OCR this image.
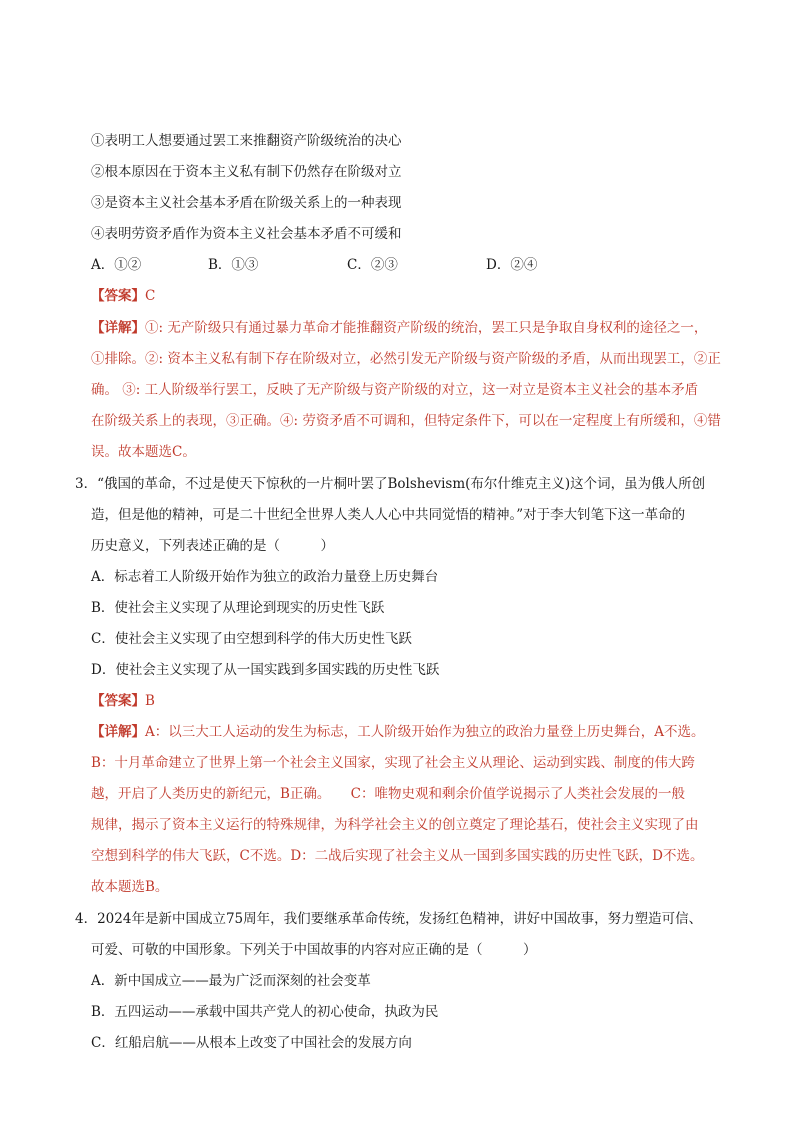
①表明工人想要通过罢工来推翻资产阶级统治的决心
②根本原因在于资本主义私有制下仍然存在阶级对立
③是资本主义社会基本矛盾在阶级关系上的一种表现
④表明劳资矛盾作为资本主义社会基本矛盾不可缓和
A．①②	B．①③	C．②③	D．②④
【答案】C
【详解】①: 无产阶级只有通过暴力革命才能推翻资产阶级的统治，罢工只是争取自身权利的途径之一，
①排除。②: 资本主义私有制下存在阶级对立，必然引发无产阶级与资产阶级的矛盾，从而出现罢工，②正
确。 ③: 工人阶级举行罢工，反映了无产阶级与资产阶级的对立，这一对立是资本主义社会的基本矛盾
在阶级关系上的表现，③正确。④: 劳资矛盾不可调和，但特定条件下，可以在一定程度上有所缓和，④错
误。故本题选C。
3．“俄国的革命，不过是使天下惊秋的一片桐叶罢了Bolshevism(布尔什维克主义)这个词，虽为俄人所创
造，但是他的精神，可是二十世纪全世界人类人人心中共同觉悟的精神。”对于李大钊笔下这一革命的
历史意义，下列表述正确的是（　　　）
A．标志着工人阶级开始作为独立的政治力量登上历史舞台
B．使社会主义实现了从理论到现实的历史性飞跃
C．使社会主义实现了由空想到科学的伟大历史性飞跃
D．使社会主义实现了从一国实践到多国实践的历史性飞跃
【答案】B
【详解】A：以三大工人运动的发生为标志，工人阶级开始作为独立的政治力量登上历史舞台，A不选。
B：十月革命建立了世界上第一个社会主义国家，实现了社会主义从理论、运动到实践、制度的伟大跨
越，开启了人类历史的新纪元，B正确。　　C：唯物史观和剩余价值学说揭示了人类社会发展的一般
规律，揭示了资本主义运行的特殊规律，为科学社会主义的创立奠定了理论基石，使社会主义实现了由
空想到科学的伟大飞跃，C不选。D：二战后实现了社会主义从一国到多国实践的历史性飞跃，D不选。
故本题选B。
4．2024年是新中国成立75周年，我们要继承革命传统，发扬红色精神，讲好中国故事，努力塑造可信、
可爱、可敬的中国形象。下列关于中国故事的内容对应正确的是（　　　）
A．新中国成立——最为广泛而深刻的社会变革
B．五四运动——承载中国共产党人的初心使命，执政为民
C．红船启航——从根本上改变了中国社会的发展方向
